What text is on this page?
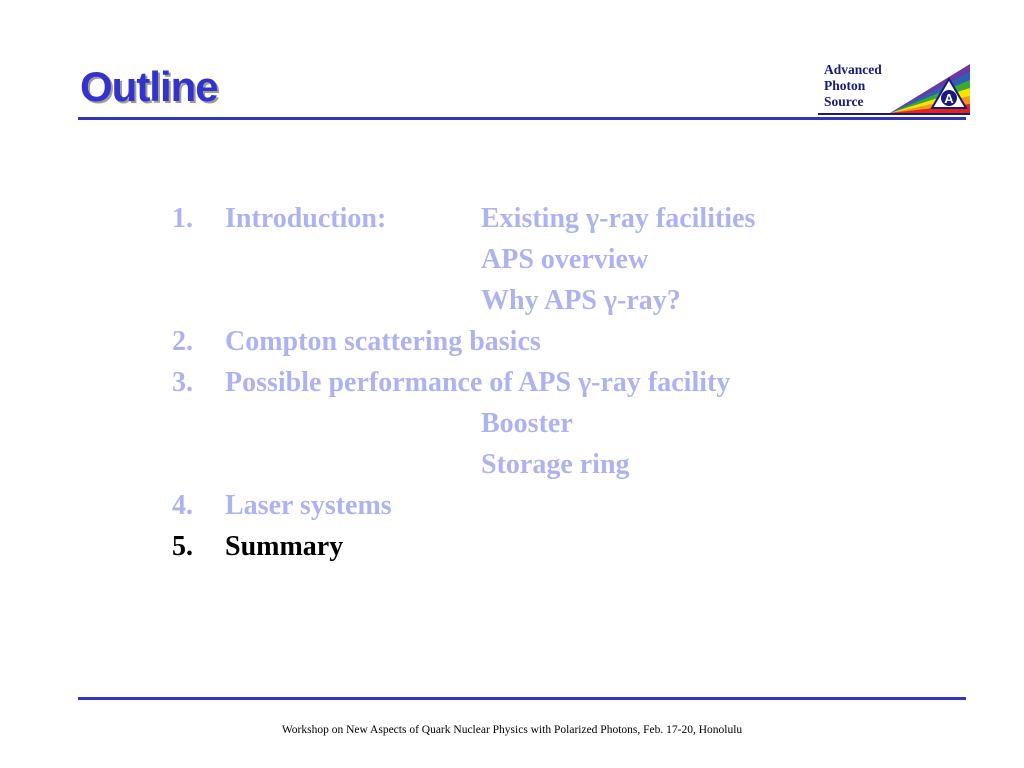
Outline	A
Advanced
Photon
Source
1. Introduction:	Existing γ-ray facilities
APS overview
Why APS γ-ray?
2. Compton scattering basics
3. Possible performance of APS γ-ray facility
Booster
Storage ring
4. Laser systems
5. Summary
Workshop on New Aspects of Quark Nuclear Physics with Polarized Photons, Feb. 17-20, Honolulu
